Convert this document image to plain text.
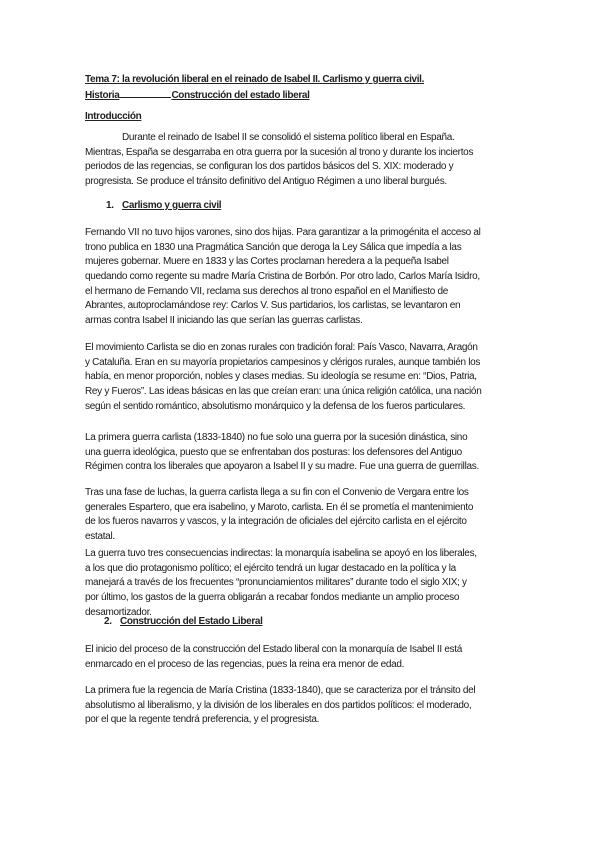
Tema 7: la revolución liberal en el reinado de Isabel II. Carlismo y guerra civil.
Historia	Construcción del estado liberal
Introducción
Durante el reinado de Isabel II se consolidó el sistema político liberal en España.
Mientras, España se desgarraba en otra guerra por la sucesión al trono y durante los inciertos
periodos de las regencias, se configuran los dos partidos básicos del S. XIX: moderado y
progresista. Se produce el tránsito definitivo del Antiguo Régimen a uno liberal burgués.
1. Carlismo y guerra civil
Fernando VII no tuvo hijos varones, sino dos hijas. Para garantizar a la primogénita el acceso al
trono publica en 1830 una Pragmática Sanción que deroga la Ley Sálica que impedía a las
mujeres gobernar. Muere en 1833 y las Cortes proclaman heredera a la pequeña Isabel
quedando como regente su madre María Cristina de Borbón. Por otro lado, Carlos María Isidro,
el hermano de Fernando VII, reclama sus derechos al trono español en el Manifiesto de
Abrantes, autoproclamándose rey: Carlos V. Sus partidarios, los carlistas, se levantaron en
armas contra Isabel II iniciando las que serían las guerras carlistas.
El movimiento Carlista se dio en zonas rurales con tradición foral: País Vasco, Navarra, Aragón
y Cataluña. Eran en su mayoría propietarios campesinos y clérigos rurales, aunque también los
había, en menor proporción, nobles y clases medias. Su ideología se resume en: “Dios, Patria,
Rey y Fueros”. Las ideas básicas en las que creían eran: una única religión católica, una nación
según el sentido romántico, absolutismo monárquico y la defensa de los fueros particulares.
La primera guerra carlista (1833-1840) no fue solo una guerra por la sucesión dinástica, sino
una guerra ideológica, puesto que se enfrentaban dos posturas: los defensores del Antiguo
Régimen contra los liberales que apoyaron a Isabel II y su madre. Fue una guerra de guerrillas.
Tras una fase de luchas, la guerra carlista llega a su fin con el Convenio de Vergara entre los
generales Espartero, que era isabelino, y Maroto, carlista. En él se prometía el mantenimiento
de los fueros navarros y vascos, y la integración de oficiales del ejército carlista en el ejército
estatal.
La guerra tuvo tres consecuencias indirectas: la monarquía isabelina se apoyó en los liberales,
a los que dio protagonismo político; el ejército tendrá un lugar destacado en la política y la
manejará a través de los frecuentes “pronunciamientos militares” durante todo el siglo XIX; y
por último, los gastos de la guerra obligarán a recabar fondos mediante un amplio proceso
desamortizador.
2. Construcción del Estado Liberal
El inicio del proceso de la construcción del Estado liberal con la monarquía de Isabel II está
enmarcado en el proceso de las regencias, pues la reina era menor de edad.
La primera fue la regencia de María Cristina (1833-1840), que se caracteriza por el tránsito del
absolutismo al liberalismo, y la división de los liberales en dos partidos políticos: el moderado,
por el que la regente tendrá preferencia, y el progresista.
